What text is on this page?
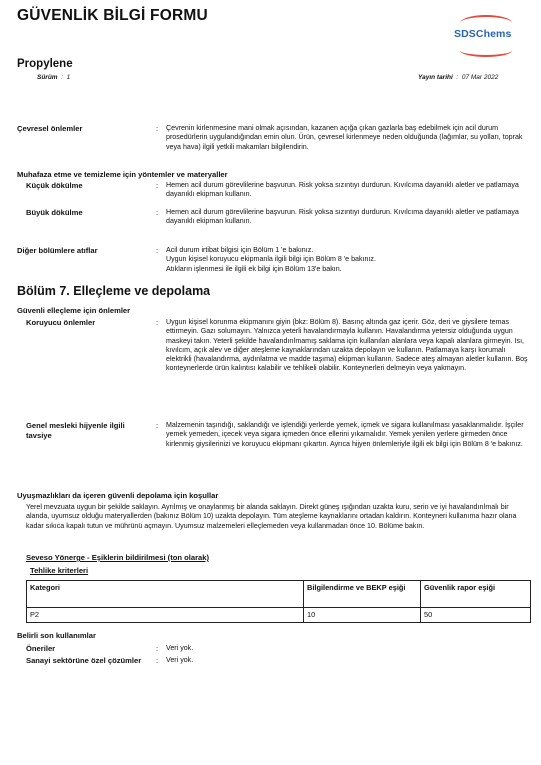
GÜVENLİK BİLGİ FORMU
SDSChems
Propylene
Sürüm  :  1	Yayın tarihi  :  07 Mar 2022
Çevresel önlemler	: Çevrenin kirlenmesine mani olmak açısından, kazanen açığa çıkan gazlarla baş edebilmek için acil durum prosedürlerin uygulandığından emin olun. Ürün, çevresel kirlenmeye neden olduğunda (lağımlar, su yolları, toprak veya hava) ilgili yetkili makamları bilgilendirin.
Muhafaza etme ve temizleme için yöntemler ve materyaller
Küçük dökülme	: Hemen acil durum görevlilerine başvurun. Risk yoksa sızıntıyı durdurun. Kıvılcıma dayanıklı aletler ve patlamaya dayanıklı ekipman kullanın.
Büyük dökülme	: Hemen acil durum görevlilerine başvurun. Risk yoksa sızıntıyı durdurun. Kıvılcıma dayanıklı aletler ve patlamaya dayanıklı ekipman kullanın.
Diğer bölümlere atıflar	: Acil durum irtibat bilgisi için Bölüm 1 'e bakınız.
Uygun kişisel koruyucu ekipmanla ilgili bilgi için Bölüm 8 'e bakınız.
Atıkların işlenmesi ile ilgili ek bilgi için Bölüm 13'e bakın.
Bölüm 7. Elleçleme ve depolama
Güvenli elleçleme için önlemler
Koruyucu önlemler	: Uygun kişisel korunma ekipmanını giyin (bkz: Bölüm 8). Basınç altında gaz içerir. Göz, deri ve giysilere temas ettirmeyin. Gazı solumayın. Yalnızca yeterli havalandırmayla kullanın. Havalandırma yetersiz olduğunda uygun maskeyi takın. Yeterli şekilde havalandırılmamış saklama için kullanılan alanlara veya kapalı alanlara girmeyin. Isı, kıvılcım, açık alev ve diğer ateşleme kaynaklarından uzakta depolayın ve kullanın. Patlamaya karşı korumalı elektrikli (havalandırma, aydınlatma ve madde taşıma) ekipman kullanın. Sadece ateş almayan aletler kullanın. Boş konteynerlerde ürün kalıntısı kalabilir ve tehlikeli olabilir. Konteynerleri delmeyin veya yakmayın.
Genel mesleki hijyenle ilgili tavsiye
: Malzemenin taşındığı, saklandığı ve işlendiği yerlerde yemek, içmek ve sigara kullanılması yasaklanmalıdır. İşçiler yemek yemeden, içecek veya sigara içmeden önce ellerini yıkamalıdır. Yemek yenilen yerlere girmeden önce kirlenmiş giysilerinizi ve koruyucu ekipmanı çıkartın. Ayrıca hijyen önlemleriyle ilgili ek bilgi için Bölüm 8 'e bakınız.
Uyuşmazlıkları da içeren güvenli depolama için koşullar
Yerel mevzuata uygun bir şekilde saklayın. Ayrılmış ve onaylanmış bir alanda saklayın. Direkt güneş ışığından uzakta kuru, serin ve iyi havalandırılmalı bir alanda, uyumsuz olduğu materyallerden (bakınız Bölüm 10) uzakta depolayın. Tüm ateşleme kaynaklarını ortadan kaldırın. Konteyneri kullanıma hazır olana kadar sıkıca kapalı tutun ve mührünü açmayın. Uyumsuz malzemeleri elleçlemeden veya kullanmadan önce 10. Bölüme bakın.
Seveso Yönerge - Eşiklerin bildirilmesi (ton olarak)
Tehlike kriterleri
Kategori	Bilgilendirme ve BEKP eşiği	Güvenlik rapor eşiği
P2	10	50
Belirli son kullanımlar
Öneriler	: Veri yok.
Sanayi sektörüne özel çözümler	: Veri yok.
